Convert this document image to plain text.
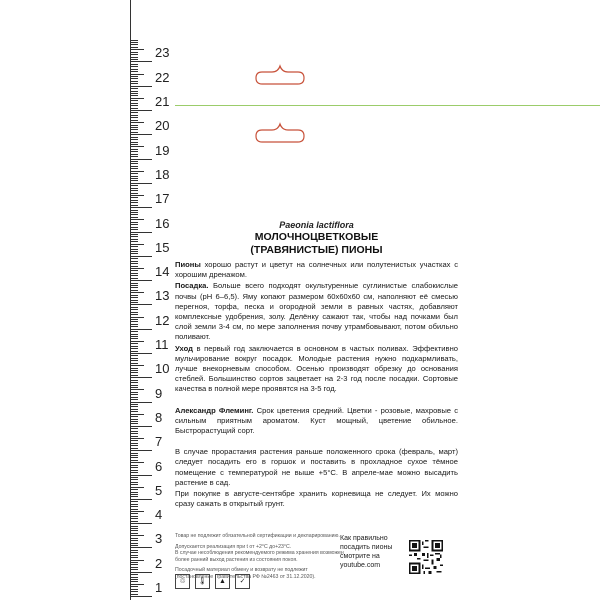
1
2
3
4
5
6
7
8
9
10
11
12
13
14
15
16
17
18
19
20
21
22
23
Paeonia lactiflora
МОЛОЧНОЦВЕТКОВЫЕ
(ТРАВЯНИСТЫЕ) ПИОНЫ
Пионы хорошо растут и цветут на солнечных или полутенистых участках с хорошим дренажом.
Посадка. Больше всего подходят окультуренные суглинистые слабокислые почвы (pH 6–6,5). Яму копают размером 60х60х60 см, наполняют её смесью перегноя, торфа, песка и огородной земли в равных частях, добавляют комплексные удобрения, золу. Делёнку сажают так, чтобы над почками был слой земли 3-4 см, по мере заполнения почву утрамбовывают, потом обильно поливают.
Уход в первый год заключается в основном в частых поливах. Эффективно мульчирование вокруг посадок. Молодые растения нужно подкармливать, лучше внекорневым способом. Осенью производят обрезку до основания стеблей. Большинство сортов зацветает на 2-3 год после посадки. Сортовые качества в полной мере проявятся на 3-5 год.
Александр Флеминг. Срок цветения средний. Цветки - розовые, махровые с сильным приятным ароматом. Куст мощный, цветение обильное. Быстрорастущий сорт.
В случае прорастания растения раньше положенного срока (февраль, март) следует посадить его в горшок и поставить в прохладное сухое тёмное помещение с температурой не выше +5°С. В апреле-мае можно высадить растение в сад.
При покупке в августе-сентябре хранить корневища не следует. Их можно сразу сажать в открытый грунт.
Товар не подлежит обязательной сертификации и декларированию.
Допускается реализация при t от +2°С до+23°С.
В случае несоблюдения рекомендуемого режима хранения возможен более ранний выход растения из состояния покоя.
Посадочный материал обмену и возврату не подлежит
(постановление Правительства РФ №2463 от 31.12.2020).
♲	🌡	▲	✓
Как правильно
посадить пионы
смотрите на
youtube.com
